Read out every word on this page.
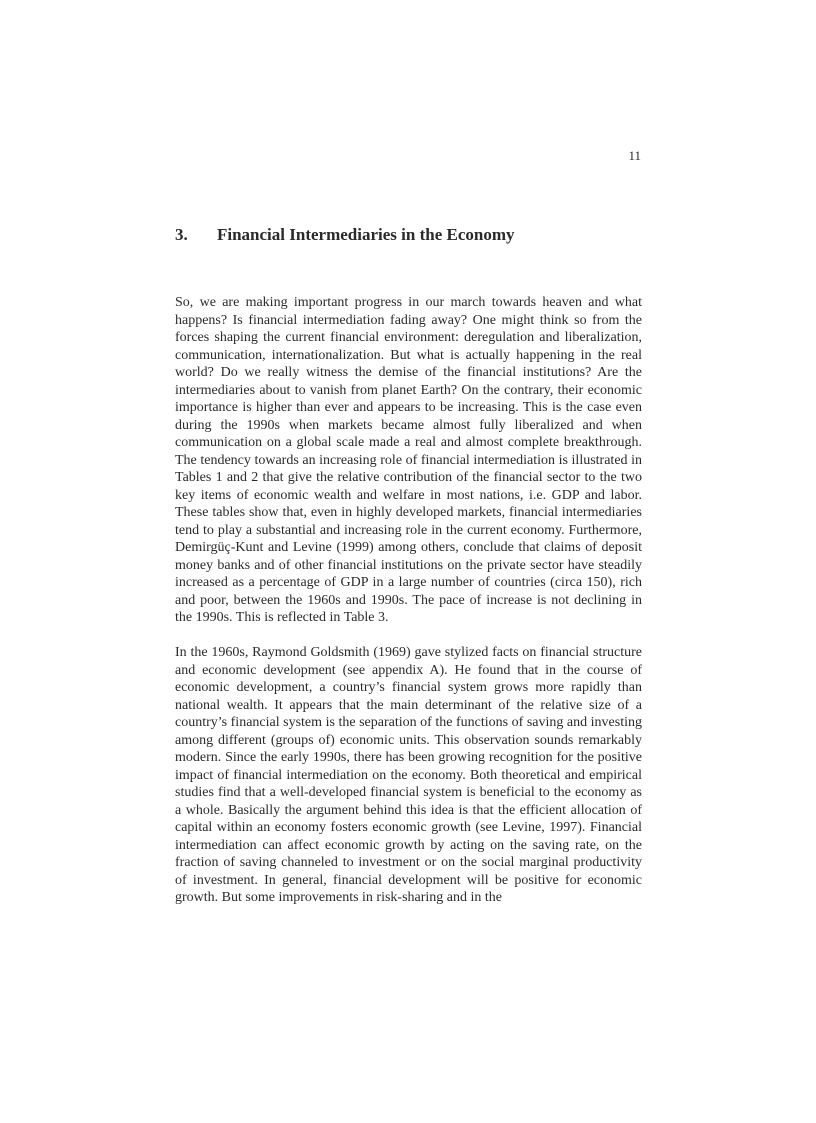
11
3. Financial Intermediaries in the Economy

So, we are making important progress in our march towards heaven and what happens? Is financial intermediation fading away? One might think so from the forces shaping the current financial environment: deregulation and liberalization, communication, internationalization. But what is actually happening in the real world? Do we really witness the demise of the financial institutions? Are the intermediaries about to vanish from planet Earth? On the contrary, their economic importance is higher than ever and appears to be increasing. This is the case even during the 1990s when markets became almost fully liberalized and when communication on a global scale made a real and almost complete breakthrough. The tendency towards an increasing role of financial intermediation is illustrated in Tables 1 and 2 that give the relative contribution of the financial sector to the two key items of economic wealth and welfare in most nations, i.e. GDP and labor. These tables show that, even in highly developed markets, financial intermediaries tend to play a substantial and increasing role in the current economy. Furthermore, Demirgüç-Kunt and Levine (1999) among others, conclude that claims of deposit money banks and of other financial institutions on the private sector have steadily increased as a percentage of GDP in a large number of countries (circa 150), rich and poor, between the 1960s and 1990s. The pace of increase is not declining in the 1990s. This is reflected in Table 3.

In the 1960s, Raymond Goldsmith (1969) gave stylized facts on financial structure and economic development (see appendix A). He found that in the course of economic development, a country’s financial system grows more rapidly than national wealth. It appears that the main determinant of the relative size of a country’s financial system is the separation of the functions of saving and investing among different (groups of) economic units. This observation sounds remarkably modern. Since the early 1990s, there has been growing recognition for the positive impact of financial intermediation on the economy. Both theoretical and empirical studies find that a well-developed financial system is beneficial to the economy as a whole. Basically the argument behind this idea is that the efficient allocation of capital within an economy fosters economic growth (see Levine, 1997). Financial intermediation can affect economic growth by acting on the saving rate, on the fraction of saving channeled to investment or on the social marginal productivity of investment. In general, financial development will be positive for economic growth. But some improvements in risk-sharing and in the
